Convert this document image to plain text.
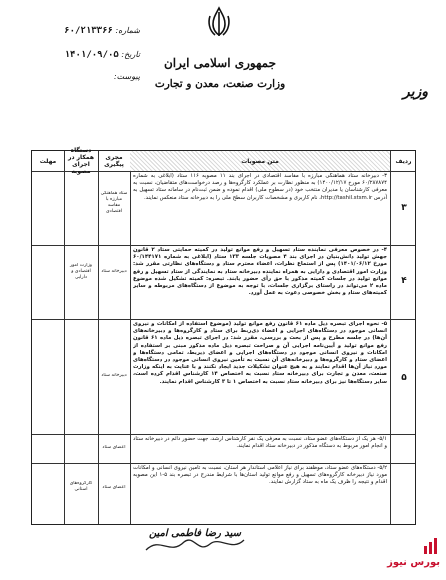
جمهوری اسلامی ایران
وزارت صنعت، معدن و تجارت	وزیر
شماره: ۶۰/۲۱۳۳۶۶
تاریخ: ۱۴۰۱/۰۹/۰۵
پیوست:
ردیف
متن مصوبات
مجری پیگیری
دستگاه همکار در اجرای مصوبه
مهلت
۳
۳- دبیرخانه ستاد هماهنگی مبارزه با مفاسد اقتصادی در اجرای بند ۱۱ مصوبه ۱۱۶ ستاد (ابلاغی به شماره ۶۰/۲۸۷۸۷۴ مورخ ۱۴۰۰/۱۲/۱۷) به منظور نظارت بر عملکرد کارگروه‌ها و رصد درخواست‌های متقاضیان، نسبت به معرفی کارشناسان یا مدیران منتخب خود (در سطوح ملی) اقدام نموده و ضمن ثبت‌نام در سامانه ستاد تسهیل به آدرس http://tashil.stsm.ir، نام کاربری و مشخصات کاربران سطح ملی را به دبیرخانه ستاد منعکس نمایند.
ستاد هماهنگی مبارزه با مفاسد اقتصادی
۴
۴- در خصوص معرفی نماینده ستاد تسهیل و رفع موانع تولید در کمیته حمایتی ستاد ۲ قانون جهش تولید دانش‌بنیان در اجرای بند ۴ مصوبات جلسه ۱۳۳ ستاد (ابلاغی به شماره ۶۰/۱۴۴۱۷۱ مورخ ۱۴۰۱/۰۶/۱۲) پس از استماع نظرات، اعضاء محترم ستاد و دستگاه‌های نظارتی مقرر شد: وزارت امور اقتصادی و دارایی به همراه نماینده دبیرخانه ستاد به نمایندگی از ستاد تسهیل و رفع موانع تولید در جلسات کمیته مذکور با حق رأی حضور یابند. تبصره: کمیته تشکیل شده موضوع ماده ۲ می‌تواند در راستای برگزاری جلسات، با توجه به موضوع از دستگاه‌های مربوطه و سایر کمیته‌های ستاد و بخش خصوصی دعوت به عمل آورد.
دبیرخانه ستاد
وزارت امور اقتصادی و دارایی
۵
۵- نحوه اجرای تبصره ذیل ماده ۶۱ قانون رفع موانع تولید (موضوع استفاده از امکانات و نیروی انسانی موجود در دستگاه‌های اجرایی و اعضاء ذی‌ربط برای ستاد و کارگروه‌ها و دبیرخانه‌های آن‌ها) در جلسه مطرح و پس از بحث و بررسی، مقرر شد: در اجرای تبصره ذیل ماده ۶۱ قانون رفع موانع تولید و آیین‌نامه اجرایی آن و صراحت تبصره ذیل ماده مذکور مبنی بر استفاده از امکانات و نیروی انسانی موجود در دستگاه‌های اجرایی و اعضای ذیربط، تمامی دستگاه‌ها و اعضای ستاد و کارگروه‌ها و دبیرخانه‌های آن نسبت به تأمین نیروی انسانی موجود در دستگاه‌های مورد نیاز آن‌ها اقدام نمایند و به هیچ عنوان تشکیلات جدید ایجاد نکنند و با عنایت به اینکه وزارت صنعت، معدن و تجارت برای دبیرخانه ستاد نسبت به اختصاص ۱۴ کارشناس اقدام کرده است، سایر دستگاه‌ها نیز برای دبیرخانه ستاد نسبت به اختصاص ۱ تا ۳ کارشناس اقدام نمایند.
دبیرخانه ستاد
۵/۱- هر یک از دستگاه‌های عضو ستاد، نسبت به معرفی یک نفر کارشناس ارشد، جهت حضور دائم در دبیرخانه ستاد و انجام امور مربوط به دستگاه مذکور در دبیرخانه ستاد اقدام نمایند.
اعضای ستاد
۵/۲- دستگاه‌های عضو ستاد، موظفند برای نیاز اعلامی استاندار هر استان، نسبت به تأمین نیروی انسانی و امکانات مورد نیاز دبیرخانه کارگروه‌های تسهیل و رفع موانع تولید استان‌ها با شرایط مندرج در تبصره بند ۵-۱ این مصوبه اقدام و نتیجه را ظرف یک ماه به ستاد گزارش نمایند.
اعضای ستاد
کارگروه‌های استانی
سید رضا فاطمی امین
بورس نیوز
